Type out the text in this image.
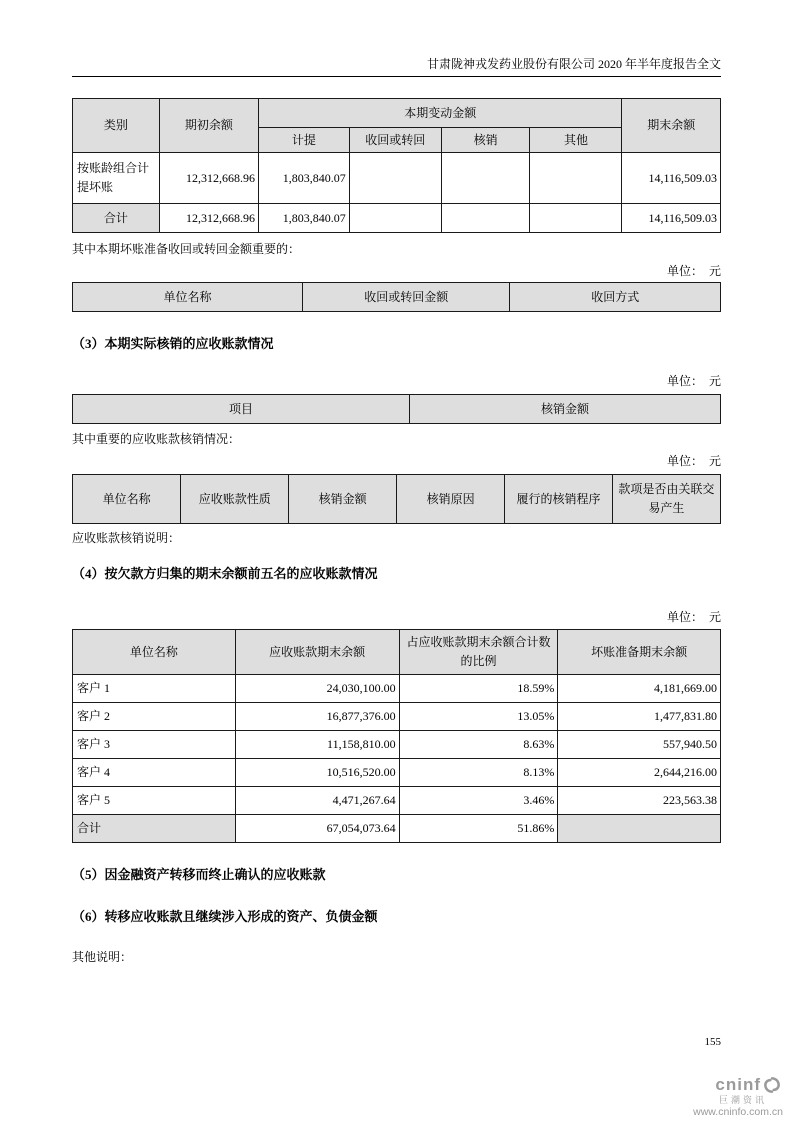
甘肃陇神戎发药业股份有限公司 2020 年半年度报告全文
类别	期初余额	本期变动金额				期末余额
		计提	收回或转回	核销	其他	
按账龄组合计提坏账	12,312,668.96	1,803,840.07				14,116,509.03
合计	12,312,668.96	1,803,840.07				14,116,509.03

其中本期坏账准备收回或转回金额重要的：

单位：　元

单位名称	收回或转回金额	收回方式
（3）本期实际核销的应收账款情况

单位：　元

项目	核销金额

其中重要的应收账款核销情况：

单位：　元

单位名称	应收账款性质	核销金额	核销原因	履行的核销程序	款项是否由关联交易产生

应收账款核销说明：

（4）按欠款方归集的期末余额前五名的应收账款情况

单位：　元

单位名称	应收账款期末余额	占应收账款期末余额合计数的比例	坏账准备期末余额
客户 1	24,030,100.00	18.59%	4,181,669.00
客户 2	16,877,376.00	13.05%	1,477,831.80
客户 3	11,158,810.00	8.63%	557,940.50
客户 4	10,516,520.00	8.13%	2,644,216.00
客户 5	4,471,267.64	3.46%	223,563.38
合计	67,054,073.64	51.86%	
（5）因金融资产转移而终止确认的应收账款
（6）转移应收账款且继续涉入形成的资产、负债金额

其他说明：

155
cninf
巨潮资讯
www.cninfo.com.cn
